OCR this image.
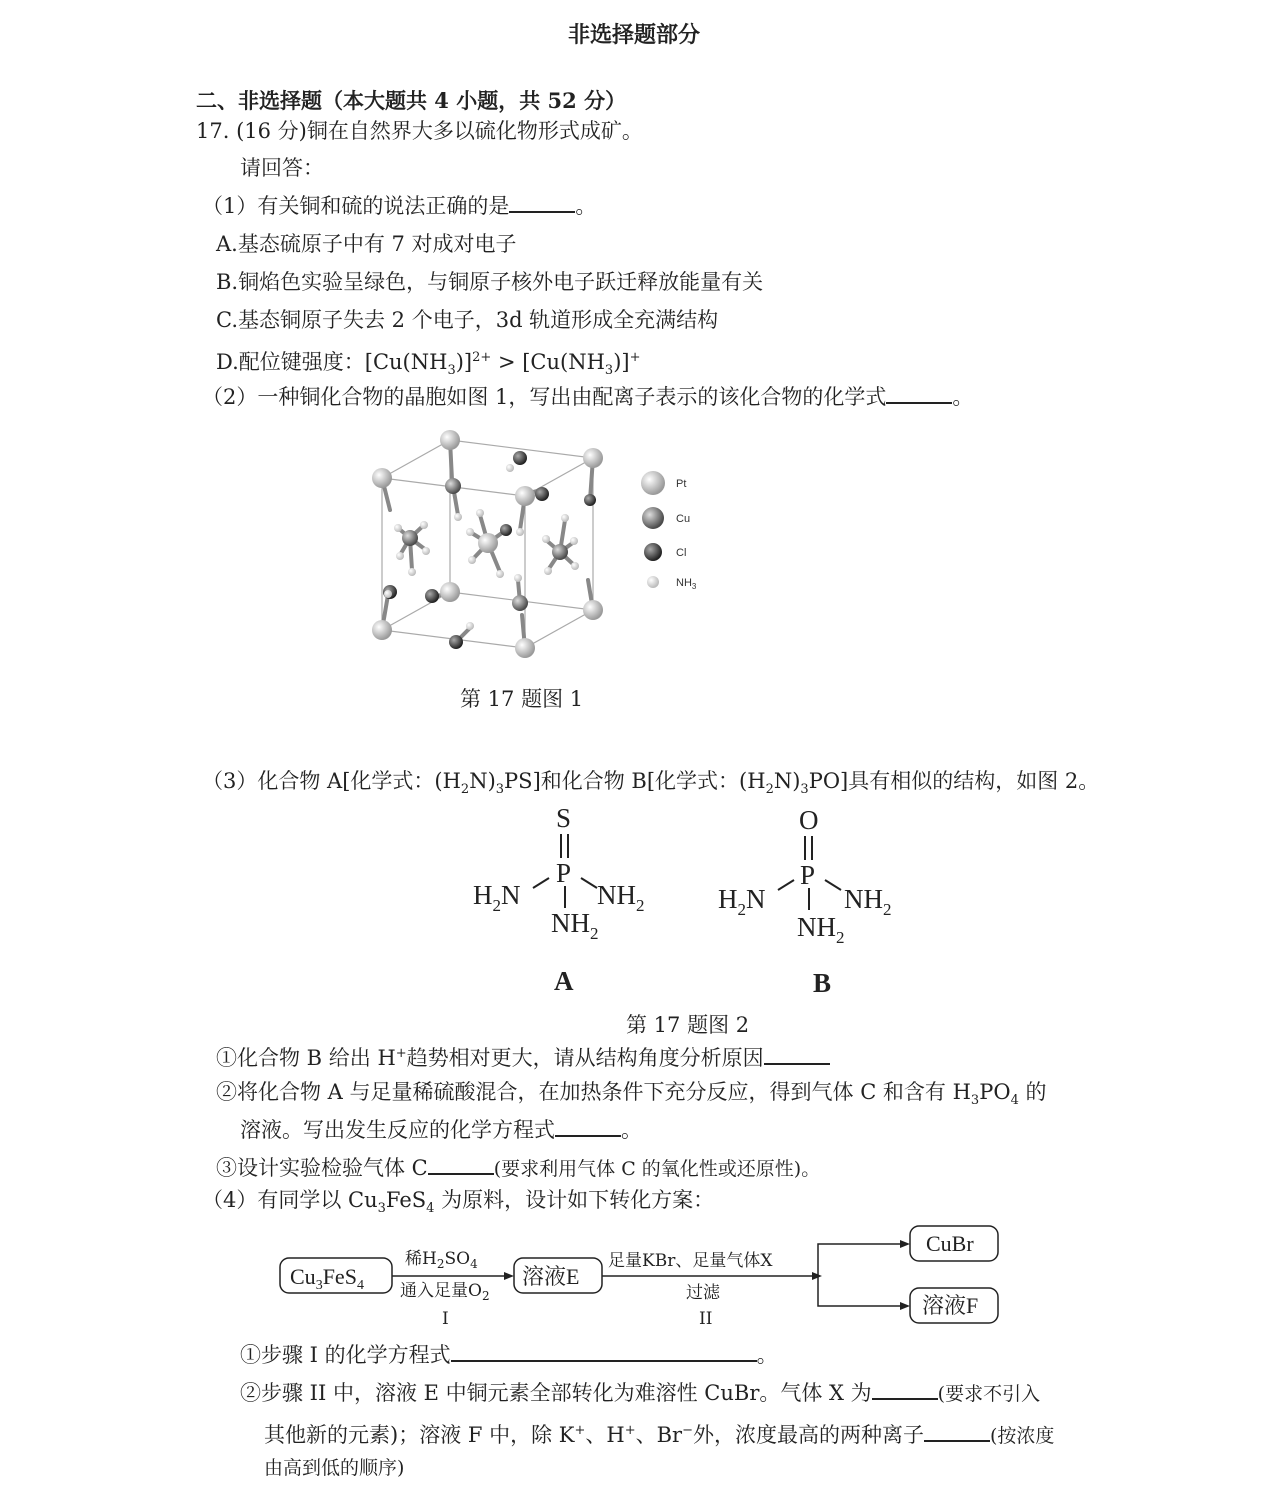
非选择题部分
二、非选择题（本大题共 4 小题，共 52 分）
17. (16 分)铜在自然界大多以硫化物形式成矿。
请回答：
（1）有关铜和硫的说法正确的是	。
A.基态硫原子中有 7 对成对电子
B.铜焰色实验呈绿色，与铜原子核外电子跃迁释放能量有关
C.基态铜原子失去 2 个电子，3d 轨道形成全充满结构
D.配位键强度：$[Cu(NH_3)]^{2+} > [Cu(NH_3)]^+$
（2）一种铜化合物的晶胞如图 1，写出由配离子表示的该化合物的化学式	。
Pt
Cu
Cl
$NH_3$
第 17 题图 1
（3）化合物 A[化学式：$(H_2N)_3PS$]和化合物 B[化学式：$(H_2N)_3PO$]具有相似的结构，如图 2。
S
P
$H_2N$	$NH_2$
$NH_2$
A
O
P
$H_2N$	$NH_2$
$NH_2$
B
第 17 题图 2
①化合物 B 给出 H+趋势相对更大，请从结构角度分析原因
②将化合物 A 与足量稀硫酸混合，在加热条件下充分反应，得到气体 C 和含有 $H_3PO_4$ 的
溶液。写出发生反应的化学方程式	。
③设计实验检验气体 C	(要求利用气体 C 的氧化性或还原性)。
（4）有同学以 $Cu_3FeS_4$ 为原料，设计如下转化方案：
$Cu_3FeS_4$
稀$H_2SO_4$
通入足量$O_2$
I
溶液E
足量KBr、足量气体X
过滤
II
CuBr
溶液F
①步骤 I 的化学方程式	。
②步骤 II 中，溶液 E 中铜元素全部转化为难溶性 CuBr。气体 X 为	(要求不引入
其他新的元素)；溶液 F 中，除 K+、H+、Br−外，浓度最高的两种离子	(按浓度
由高到低的顺序)
